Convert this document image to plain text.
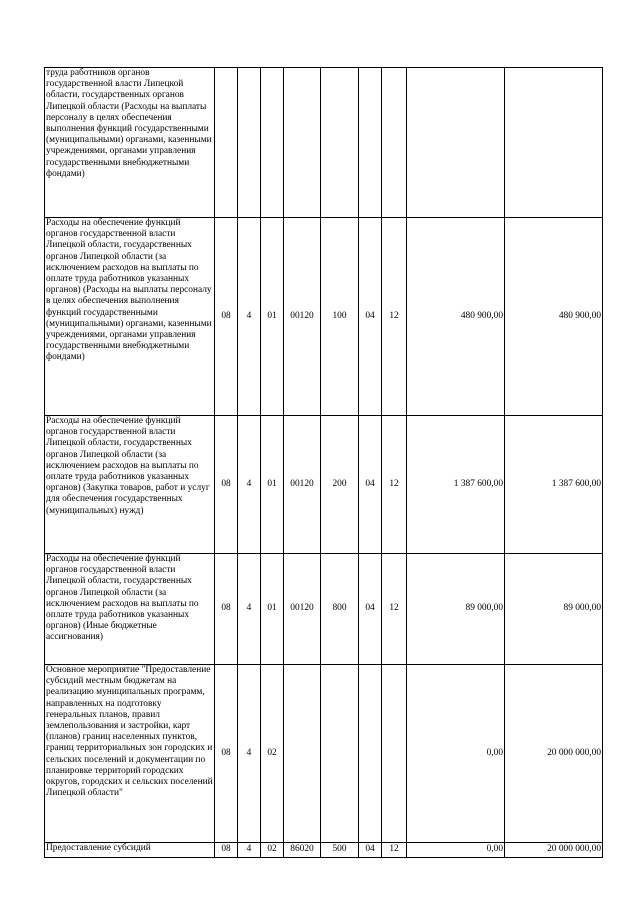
труда работников органов государственной власти Липецкой области, государственных органов Липецкой области (Расходы на выплаты персоналу в целях обеспечения выполнения функций государственными (муниципальными) органами, казенными учреждениями, органами управления государственными внебюджетными фондами)									
Расходы на обеспечение функций органов государственной власти Липецкой области, государственных органов Липецкой области (за исключением расходов на выплаты по оплате труда работников указанных органов) (Расходы на выплаты персоналу в целях обеспечения выполнения функций государственными (муниципальными) органами, казенными учреждениями, органами управления государственными внебюджетными фондами)	08	4	01	00120	100	04	12	480 900,00	480 900,00
Расходы на обеспечение функций органов государственной власти Липецкой области, государственных органов Липецкой области (за исключением расходов на выплаты по оплате труда работников указанных органов) (Закупка товаров, работ и услуг для обеспечения государственных (муниципальных) нужд)	08	4	01	00120	200	04	12	1 387 600,00	1 387 600,00
Расходы на обеспечение функций органов государственной власти Липецкой области, государственных органов Липецкой области (за исключением расходов на выплаты по оплате труда работников указанных органов) (Иные бюджетные ассигнования)	08	4	01	00120	800	04	12	89 000,00	89 000,00
Основное мероприятие "Предоставление субсидий местным бюджетам на реализацию муниципальных программ, направленных на подготовку генеральных планов, правил землепользования и застройки, карт (планов) границ населенных пунктов, границ территориальных зон городских и сельских поселений и документации по планировке территорий городских округов, городских и сельских поселений Липецкой области"	08	4	02					0,00	20 000 000,00
Предоставление субсидий	08	4	02	86020	500	04	12	0,00	20 000 000,00
